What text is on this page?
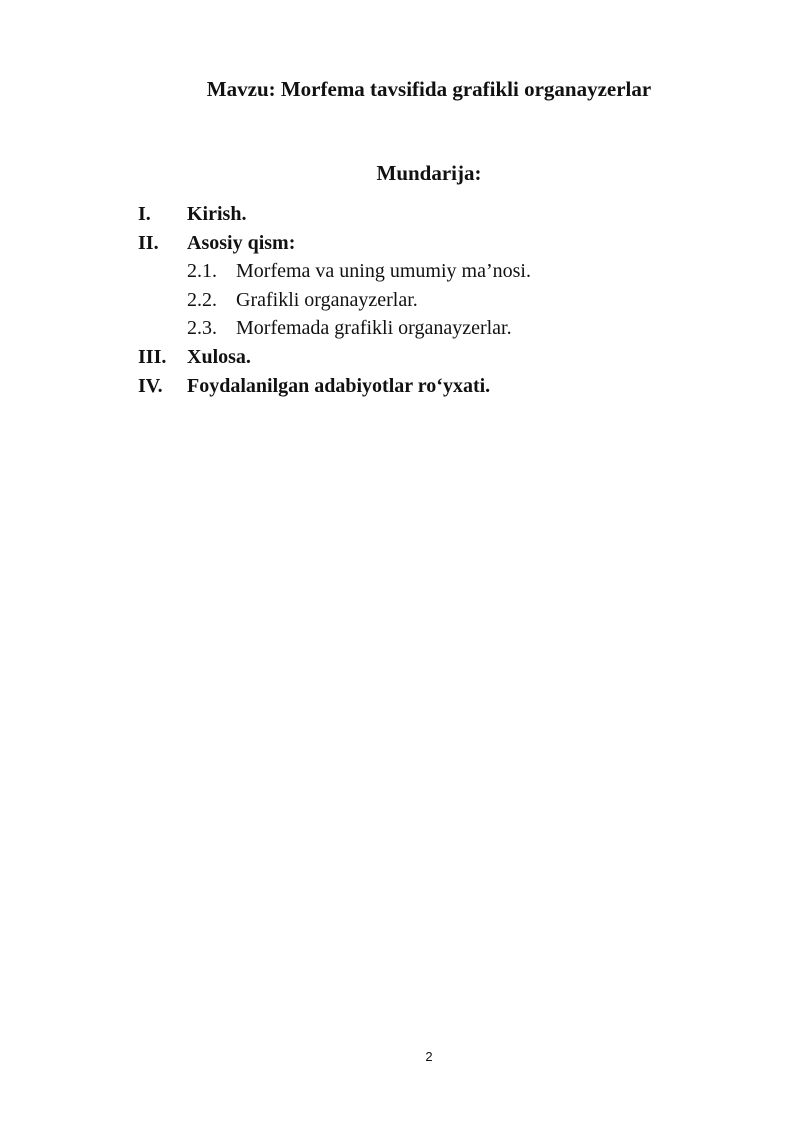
Mavzu: Morfema tavsifida grafikli organayzerlar
Mundarija:
I. Kirish.
II. Asosiy qism:
2.1. Morfema va uning umumiy ma’nosi.
2.2. Grafikli organayzerlar.
2.3. Morfemada grafikli organayzerlar.
III. Xulosa.
IV. Foydalanilgan adabiyotlar ro‘yxati.
2
